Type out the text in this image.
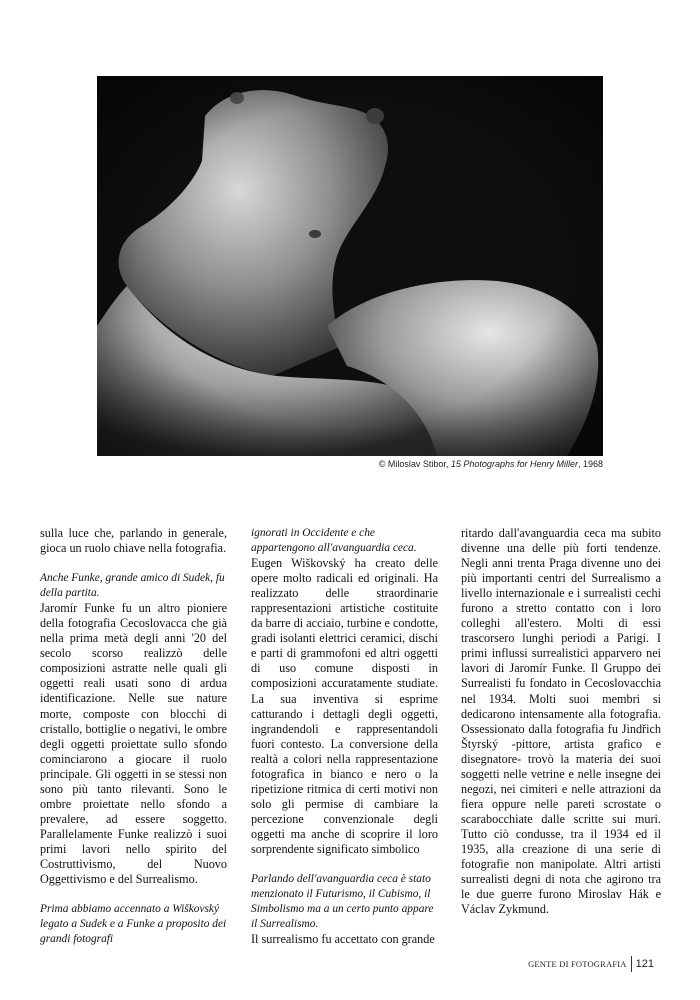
© Miloslav Stibor, 15 Photographs for Henry Miller, 1968

sulla luce che, parlando in generale, gioca un ruolo chiave nella fotografia.

Anche Funke, grande amico di Sudek, fu della partita.

Jaromír Funke fu un altro pioniere della fotografia Cecoslovacca che già nella prima metà degli anni '20 del secolo scorso realizzò delle composizioni astratte nelle quali gli oggetti reali usati sono di ardua identificazione. Nelle sue nature morte, composte con blocchi di cristallo, bottiglie o negativi, le ombre degli oggetti proiettate sullo sfondo cominciarono a giocare il ruolo principale. Gli oggetti in se stessi non sono più tanto rilevanti. Sono le ombre proiettate nello sfondo a prevalere, ad essere soggetto. Parallelamente Funke realizzò i suoi primi lavori nello spirito del Costruttivismo, del Nuovo Oggettivismo e del Surrealismo.

Prima abbiamo accennato a Wiškovský legato a Sudek e a Funke a proposito dei grandi fotografi

ignorati in Occidente e che appartengono all'avanguardia ceca.

Eugen Wiškovský ha creato delle opere molto radicali ed originali. Ha realizzato delle straordinarie rappresentazioni artistiche costituite da barre di acciaio, turbine e condotte, gradi isolanti elettrici ceramici, dischi e parti di grammofoni ed altri oggetti di uso comune disposti in composizioni accuratamente studiate. La sua inventiva si esprime catturando i dettagli degli oggetti, ingrandendoli e rappresentandoli fuori contesto. La conversione della realtà a colori nella rappresentazione fotografica in bianco e nero o la ripetizione ritmica di certi motivi non solo gli permise di cambiare la percezione convenzionale degli oggetti ma anche di scoprire il loro sorprendente significato simbolico

Parlando dell'avanguardia ceca è stato menzionato il Futurismo, il Cubismo, il Simbolismo ma a un certo punto appare il Surrealismo.

Il surrealismo fu accettato con grande

ritardo dall'avanguardia ceca ma subito divenne una delle più forti tendenze. Negli anni trenta Praga divenne uno dei più importanti centri del Surrealismo a livello internazionale e i surrealisti cechi furono a stretto contatto con i loro colleghi all'estero. Molti di essi trascorsero lunghi periodi a Parigi. I primi influssi surrealistici apparvero nei lavori di Jaromír Funke. Il Gruppo dei Surrealisti fu fondato in Cecoslovacchia nel 1934. Molti suoi membri si dedicarono intensamente alla fotografia. Ossessionato dalla fotografia fu Jindřich Štyrský -pittore, artista grafico e disegnatore- trovò la materia dei suoi soggetti nelle vetrine e nelle insegne dei negozi, nei cimiteri e nelle attrazioni da fiera oppure nelle pareti scrostate o scarabocchiate dalle scritte sui muri. Tutto ciò condusse, tra il 1934 ed il 1935, alla creazione di una serie di fotografie non manipolate. Altri artisti surrealisti degni di nota che agirono tra le due guerre furono Miroslav Hák e Václav Zykmund.

GENTE DI FOTOGRAFIA 121
